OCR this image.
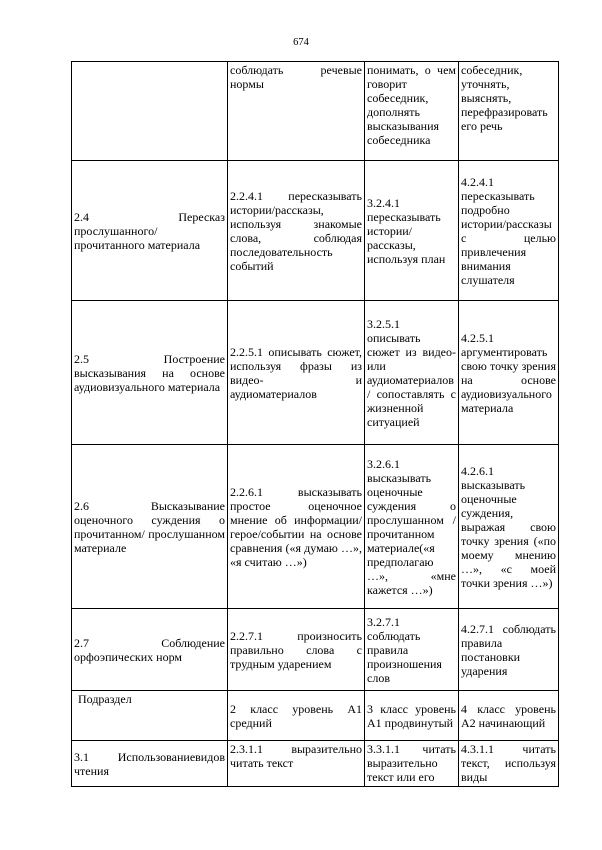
674
	соблюдать речевые нормы	понимать, о чем говорит собеседник, дополнять высказывания собеседника	собеседник, уточнять, выяснять, перефразировать его речь
2.4 Пересказ прослушанного/прочитанного материала	2.2.4.1 пересказывать истории/рассказы, используя знакомые слова, соблюдая последовательность событий	3.2.4.1 пересказывать истории/рассказы, используя план	4.2.4.1 пересказывать подробно истории/рассказы с целью привлечения внимания слушателя
2.5 Построение высказывания на основе аудиовизуального материала	2.2.5.1 описывать сюжет, используя фразы из видео- и аудиоматериалов	3.2.5.1 описывать сюжет из видео- или аудиоматериалов/ сопоставлять с жизненной ситуацией	4.2.5.1 аргументировать свою точку зрения на основе аудиовизуального материала
2.6 Высказывание оценочного суждения о прочитанном/ прослушанном материале	2.2.6.1 высказывать простое оценочное мнение об информации/герое/событии на основе сравнения («я думаю …», «я считаю …»)	3.2.6.1 высказывать оценочные суждения о прослушанном / прочитанном материале(«я предполагаю …», «мне кажется …»)	4.2.6.1 высказывать оценочные суждения, выражая свою точку зрения («по моему мнению …», «с моей точки зрения …»)
2.7 Соблюдение орфоэпических норм	2.2.7.1 произносить правильно слова с трудным ударением	3.2.7.1 соблюдать правила произношения слов	4.2.7.1 соблюдать правила постановки ударения
Подраздел	2 класс уровень A1 средний	3 класс уровень A1 продвинутый	4 класс уровень A2 начинающий
3.1 Использованиевидов чтения	2.3.1.1 выразительно читать текст	3.3.1.1 читать выразительно текст или его	4.3.1.1 читать текст, используя виды
